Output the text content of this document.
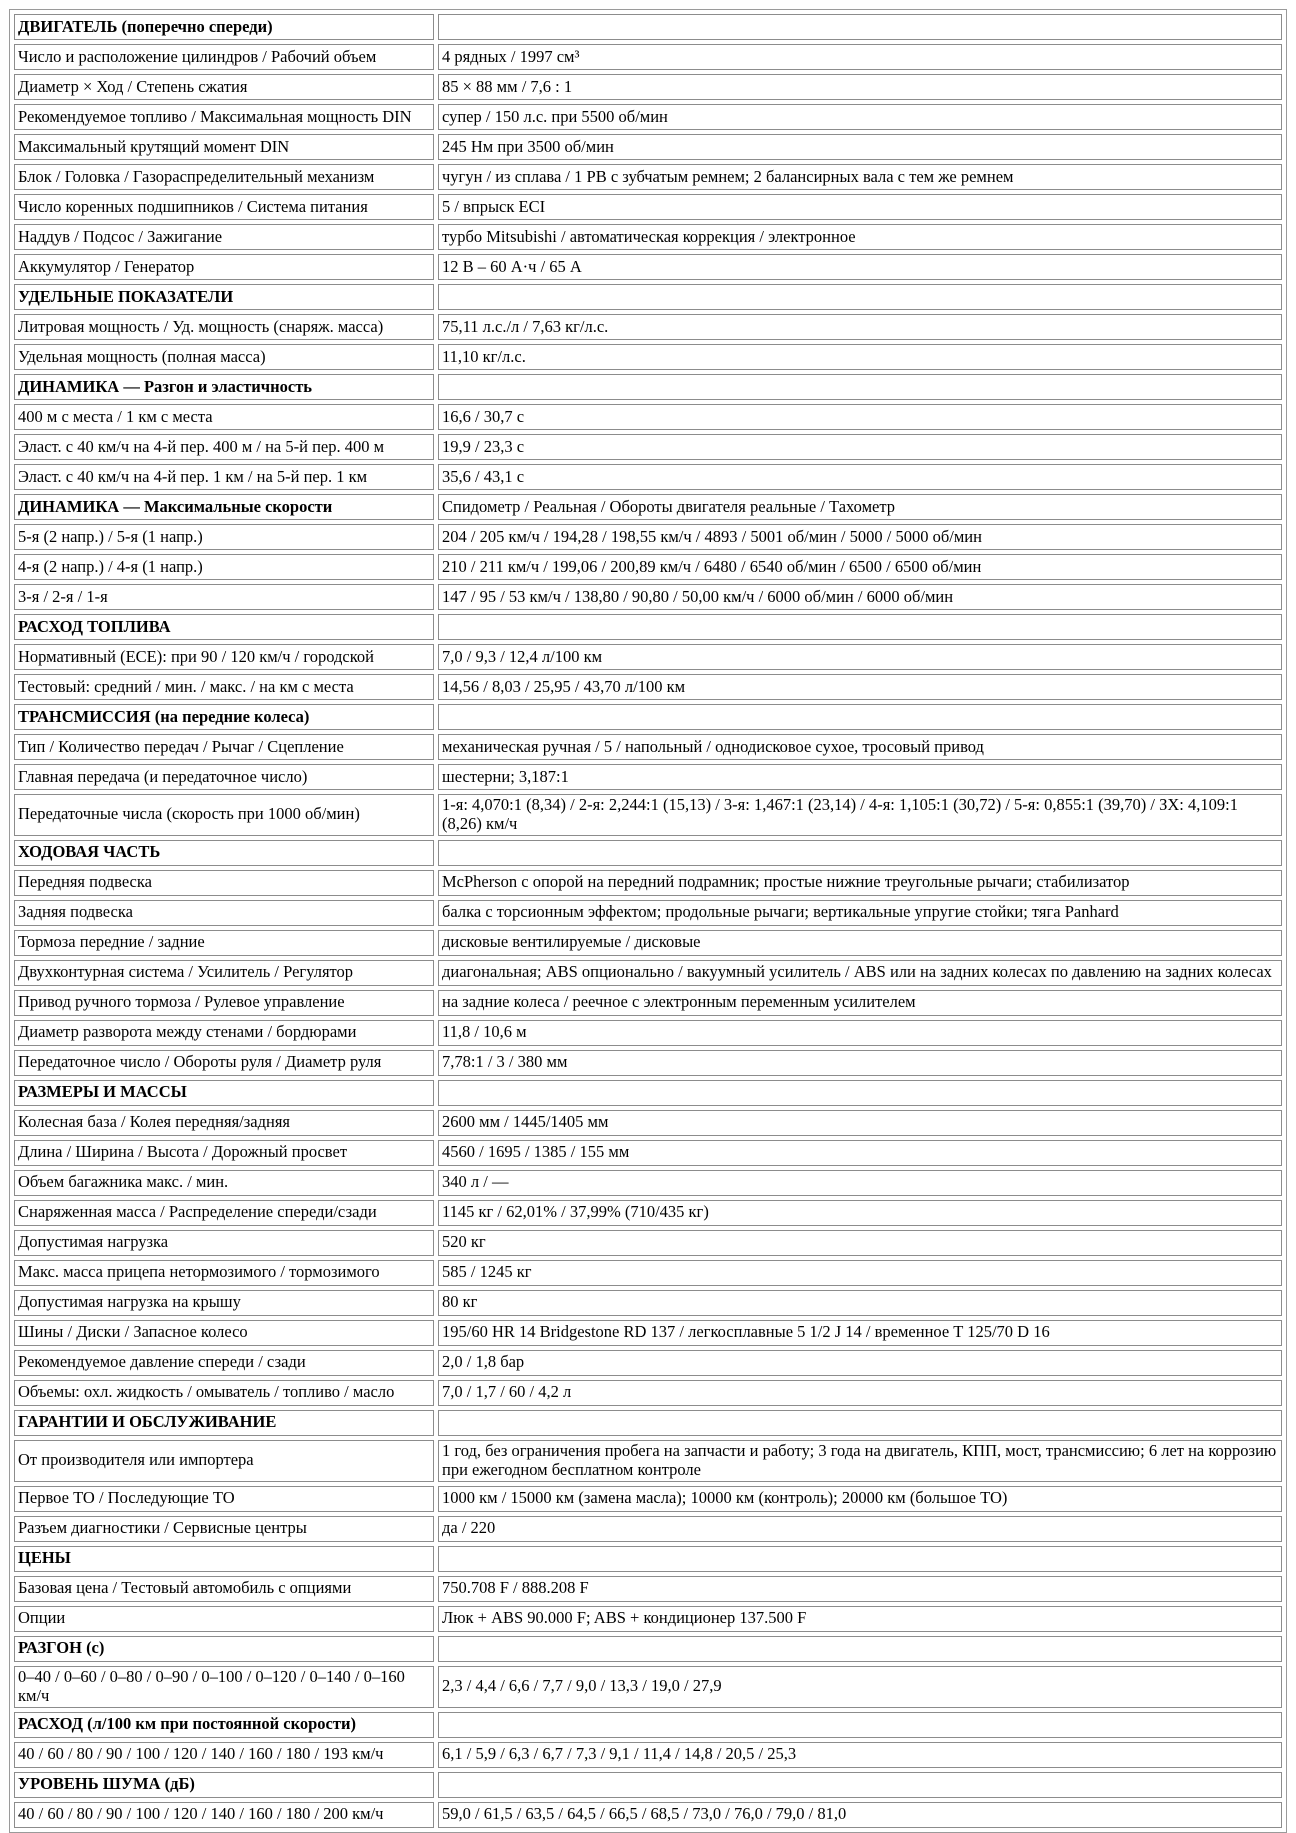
ДВИГАТЕЛЬ (поперечно спереди)	
Число и расположение цилиндров / Рабочий объем	4 рядных / 1997 см³
Диаметр × Ход / Степень сжатия	85 × 88 мм / 7,6 : 1
Рекомендуемое топливо / Максимальная мощность DIN	супер / 150 л.с. при 5500 об/мин
Максимальный крутящий момент DIN	245 Нм при 3500 об/мин
Блок / Головка / Газораспределительный механизм	чугун / из сплава / 1 РВ с зубчатым ремнем; 2 балансирных вала с тем же ремнем
Число коренных подшипников / Система питания	5 / впрыск ECI
Наддув / Подсос / Зажигание	турбо Mitsubishi / автоматическая коррекция / электронное
Аккумулятор / Генератор	12 В – 60 А·ч / 65 А
УДЕЛЬНЫЕ ПОКАЗАТЕЛИ	
Литровая мощность / Уд. мощность (снаряж. масса)	75,11 л.с./л / 7,63 кг/л.с.
Удельная мощность (полная масса)	11,10 кг/л.с.
ДИНАМИКА — Разгон и эластичность	
400 м с места / 1 км с места	16,6 / 30,7 с
Эласт. с 40 км/ч на 4-й пер. 400 м / на 5-й пер. 400 м	19,9 / 23,3 с
Эласт. с 40 км/ч на 4-й пер. 1 км / на 5-й пер. 1 км	35,6 / 43,1 с
ДИНАМИКА — Максимальные скорости	Спидометр / Реальная / Обороты двигателя реальные / Тахометр
5-я (2 напр.) / 5-я (1 напр.)	204 / 205 км/ч / 194,28 / 198,55 км/ч / 4893 / 5001 об/мин / 5000 / 5000 об/мин
4-я (2 напр.) / 4-я (1 напр.)	210 / 211 км/ч / 199,06 / 200,89 км/ч / 6480 / 6540 об/мин / 6500 / 6500 об/мин
3-я / 2-я / 1-я	147 / 95 / 53 км/ч / 138,80 / 90,80 / 50,00 км/ч / 6000 об/мин / 6000 об/мин
РАСХОД ТОПЛИВА	
Нормативный (ECE): при 90 / 120 км/ч / городской	7,0 / 9,3 / 12,4 л/100 км
Тестовый: средний / мин. / макс. / на км с места	14,56 / 8,03 / 25,95 / 43,70 л/100 км
ТРАНСМИССИЯ (на передние колеса)	
Тип / Количество передач / Рычаг / Сцепление	механическая ручная / 5 / напольный / однодисковое сухое, тросовый привод
Главная передача (и передаточное число)	шестерни; 3,187:1
Передаточные числа (скорость при 1000 об/мин)	1-я: 4,070:1 (8,34) / 2-я: 2,244:1 (15,13) / 3-я: 1,467:1 (23,14) / 4-я: 1,105:1 (30,72) / 5-я: 0,855:1 (39,70) / ЗХ: 4,109:1 (8,26) км/ч
ХОДОВАЯ ЧАСТЬ	
Передняя подвеска	McPherson с опорой на передний подрамник; простые нижние треугольные рычаги; стабилизатор
Задняя подвеска	балка с торсионным эффектом; продольные рычаги; вертикальные упругие стойки; тяга Panhard
Тормоза передние / задние	дисковые вентилируемые / дисковые
Двухконтурная система / Усилитель / Регулятор	диагональная; ABS опционально / вакуумный усилитель / ABS или на задних колесах по давлению на задних колесах
Привод ручного тормоза / Рулевое управление	на задние колеса / реечное с электронным переменным усилителем
Диаметр разворота между стенами / бордюрами	11,8 / 10,6 м
Передаточное число / Обороты руля / Диаметр руля	7,78:1 / 3 / 380 мм
РАЗМЕРЫ И МАССЫ	
Колесная база / Колея передняя/задняя	2600 мм / 1445/1405 мм
Длина / Ширина / Высота / Дорожный просвет	4560 / 1695 / 1385 / 155 мм
Объем багажника макс. / мин.	340 л / —
Снаряженная масса / Распределение спереди/сзади	1145 кг / 62,01% / 37,99% (710/435 кг)
Допустимая нагрузка	520 кг
Макс. масса прицепа нетормозимого / тормозимого	585 / 1245 кг
Допустимая нагрузка на крышу	80 кг
Шины / Диски / Запасное колесо	195/60 HR 14 Bridgestone RD 137 / легкосплавные 5 1/2 J 14 / временное T 125/70 D 16
Рекомендуемое давление спереди / сзади	2,0 / 1,8 бар
Объемы: охл. жидкость / омыватель / топливо / масло	7,0 / 1,7 / 60 / 4,2 л
ГАРАНТИИ И ОБСЛУЖИВАНИЕ	
От производителя или импортера	1 год, без ограничения пробега на запчасти и работу; 3 года на двигатель, КПП, мост, трансмиссию; 6 лет на коррозию при ежегодном бесплатном контроле
Первое ТО / Последующие ТО	1000 км / 15000 км (замена масла); 10000 км (контроль); 20000 км (большое ТО)
Разъем диагностики / Сервисные центры	да / 220
ЦЕНЫ	
Базовая цена / Тестовый автомобиль с опциями	750.708 F / 888.208 F
Опции	Люк + ABS 90.000 F; ABS + кондиционер 137.500 F
РАЗГОН (с)	
0–40 / 0–60 / 0–80 / 0–90 / 0–100 / 0–120 / 0–140 / 0–160 км/ч	2,3 / 4,4 / 6,6 / 7,7 / 9,0 / 13,3 / 19,0 / 27,9
РАСХОД (л/100 км при постоянной скорости)	
40 / 60 / 80 / 90 / 100 / 120 / 140 / 160 / 180 / 193 км/ч	6,1 / 5,9 / 6,3 / 6,7 / 7,3 / 9,1 / 11,4 / 14,8 / 20,5 / 25,3
УРОВЕНЬ ШУМА (дБ)	
40 / 60 / 80 / 90 / 100 / 120 / 140 / 160 / 180 / 200 км/ч	59,0 / 61,5 / 63,5 / 64,5 / 66,5 / 68,5 / 73,0 / 76,0 / 79,0 / 81,0
